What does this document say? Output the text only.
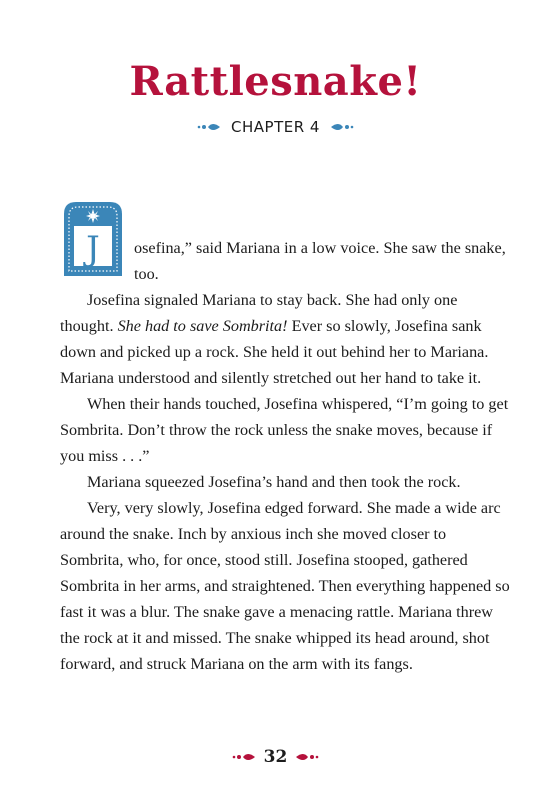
Rattlesnake!
CHAPTER 4

J osefina,” said Mariana in a low voice. She saw the snake, too.

Josefina signaled Mariana to stay back. She had only one thought. She had to save Sombrita! Ever so slowly, Josefina sank down and picked up a rock. She held it out behind her to Mariana. Mariana understood and silently stretched out her hand to take it.

When their hands touched, Josefina whispered, “I’m going to get Sombrita. Don’t throw the rock unless the snake moves, because if you miss . . .”

Mariana squeezed Josefina’s hand and then took the rock.

Very, very slowly, Josefina edged forward. She made a wide arc around the snake. Inch by anxious inch she moved closer to Sombrita, who, for once, stood still. Josefina stooped, gathered Sombrita in her arms, and straightened. Then everything happened so fast it was a blur. The snake gave a menacing rattle. Mariana threw the rock at it and missed. The snake whipped its head around, shot forward, and struck Mariana on the arm with its fangs.

32
